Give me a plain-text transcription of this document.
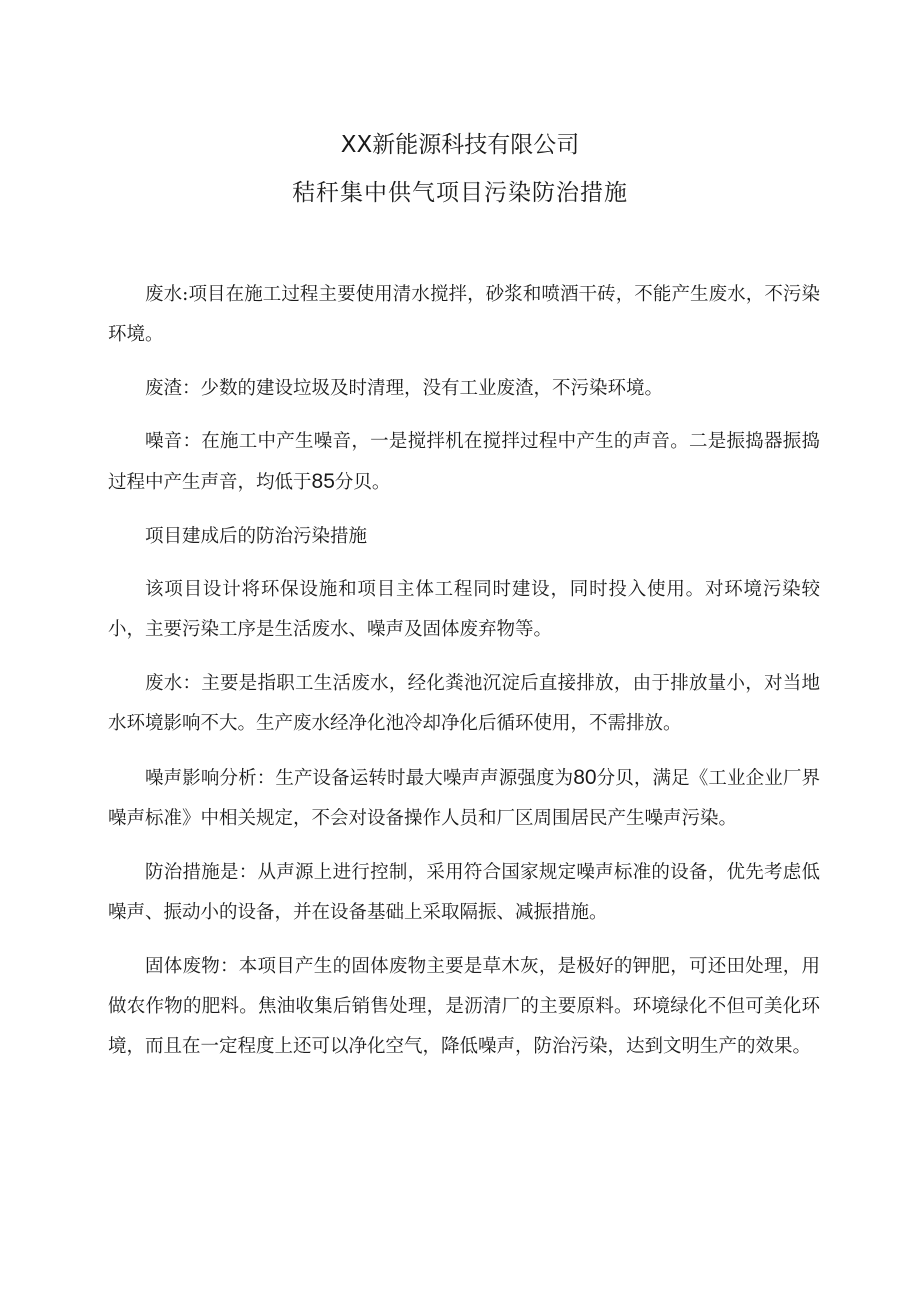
XX新能源科技有限公司
秸秆集中供气项目污染防治措施

废水:项目在施工过程主要使用清水搅拌，砂浆和喷酒干砖，不能产生废水，不污染环境。

废渣：少数的建设垃圾及时清理，没有工业废渣，不污染环境。

噪音：在施工中产生噪音，一是搅拌机在搅拌过程中产生的声音。二是振捣器振捣过程中产生声音，均低于85分贝。

项目建成后的防治污染措施

该项目设计将环保设施和项目主体工程同时建设，同时投入使用。对环境污染较小，主要污染工序是生活废水、噪声及固体废弃物等。

废水：主要是指职工生活废水，经化粪池沉淀后直接排放，由于排放量小，对当地水环境影响不大。生产废水经净化池冷却净化后循环使用，不需排放。

噪声影响分析：生产设备运转时最大噪声声源强度为80分贝，满足《工业企业厂界噪声标准》中相关规定，不会对设备操作人员和厂区周围居民产生噪声污染。

防治措施是：从声源上进行控制，采用符合国家规定噪声标准的设备，优先考虑低噪声、振动小的设备，并在设备基础上采取隔振、减振措施。

固体废物：本项目产生的固体废物主要是草木灰，是极好的钾肥，可还田处理，用做农作物的肥料。焦油收集后销售处理，是沥清厂的主要原料。环境绿化不但可美化环境，而且在一定程度上还可以净化空气，降低噪声，防治污染，达到文明生产的效果。
